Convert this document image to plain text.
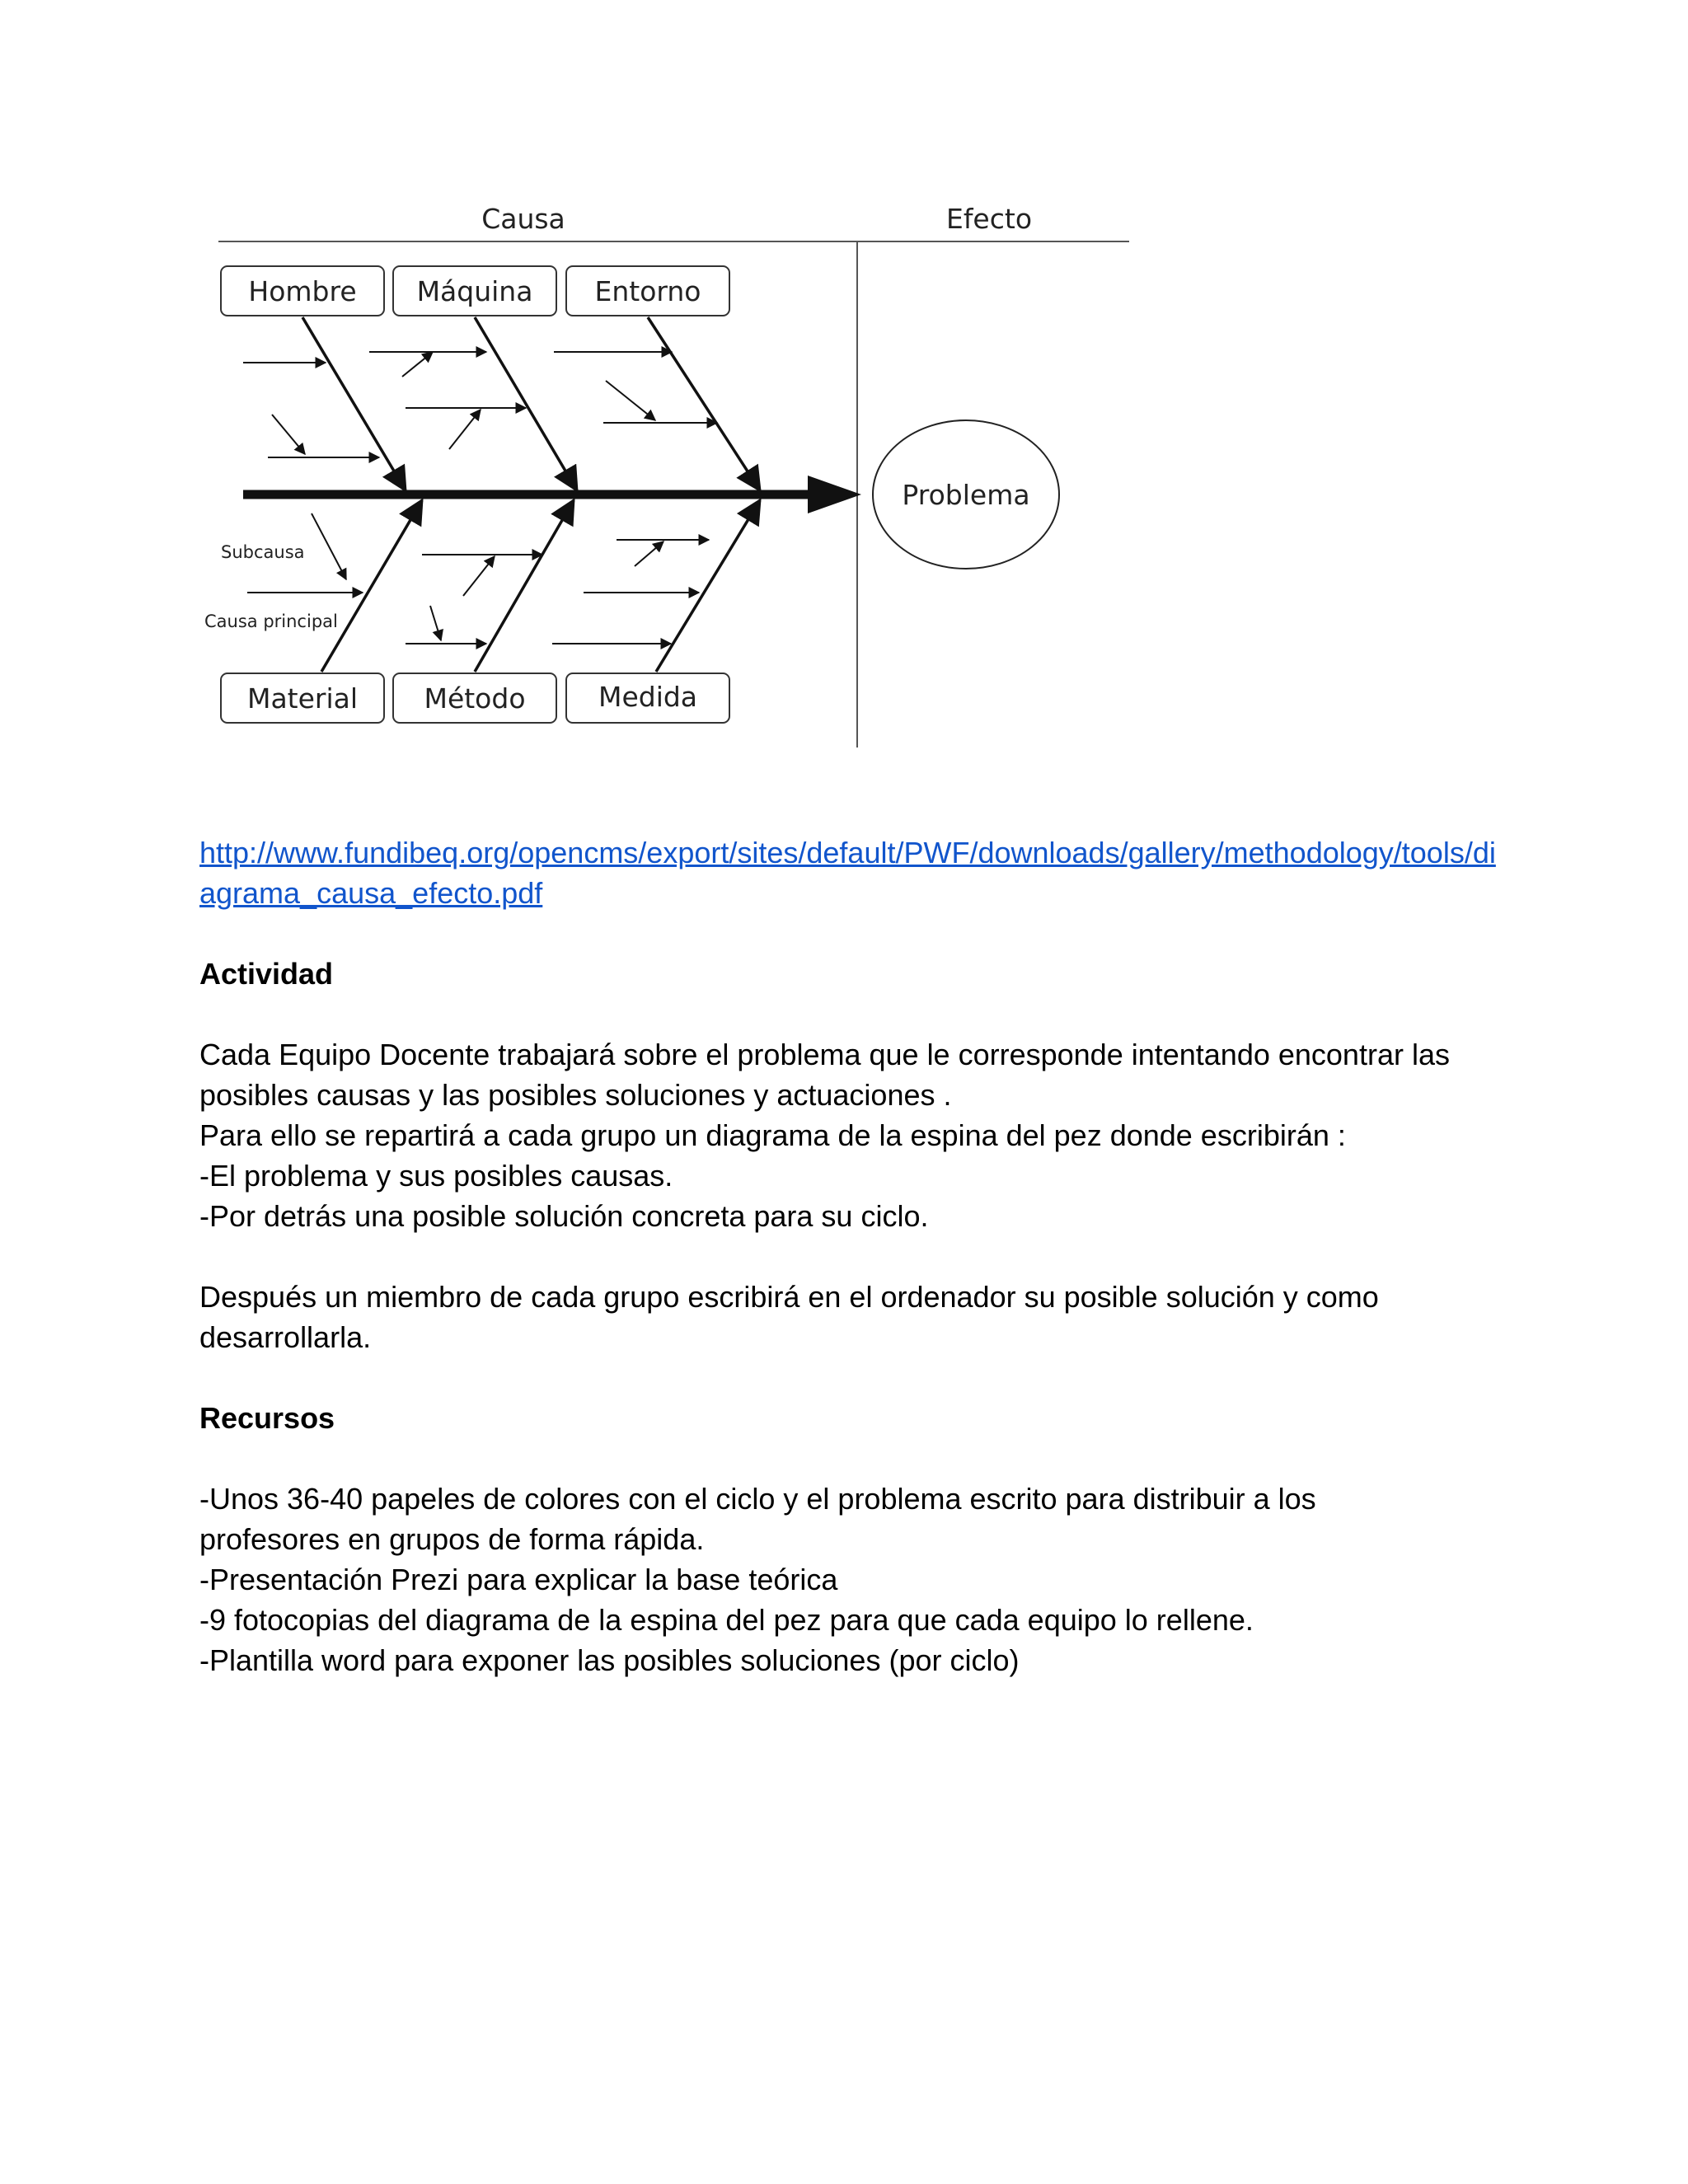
Causa	Efecto
Hombre Máquina Entorno
Material Método	Medida
Problema
Subcausa
Causa principal

http://www.fundibeq.org/opencms/export/sites/default/PWF/downloads/gallery/methodology/tools/diagrama_causa_efecto.pdf

Actividad

Cada Equipo Docente trabajará sobre el problema que le corresponde intentando encontrar las

posibles causas y las posibles soluciones y actuaciones .

Para ello se repartirá a cada grupo un diagrama de la espina del pez donde escribirán :

-El problema y sus posibles causas.

-Por detrás una posible solución concreta para su ciclo.

Después un miembro de cada grupo escribirá en el ordenador su posible solución y como

desarrollarla.

Recursos

-Unos 36-40 papeles de colores con el ciclo y el problema escrito para distribuir a los

profesores en grupos de forma rápida.

-Presentación Prezi para explicar la base teórica

-9 fotocopias del diagrama de la espina del pez para que cada equipo lo rellene.

-Plantilla word para exponer las posibles soluciones (por ciclo)
